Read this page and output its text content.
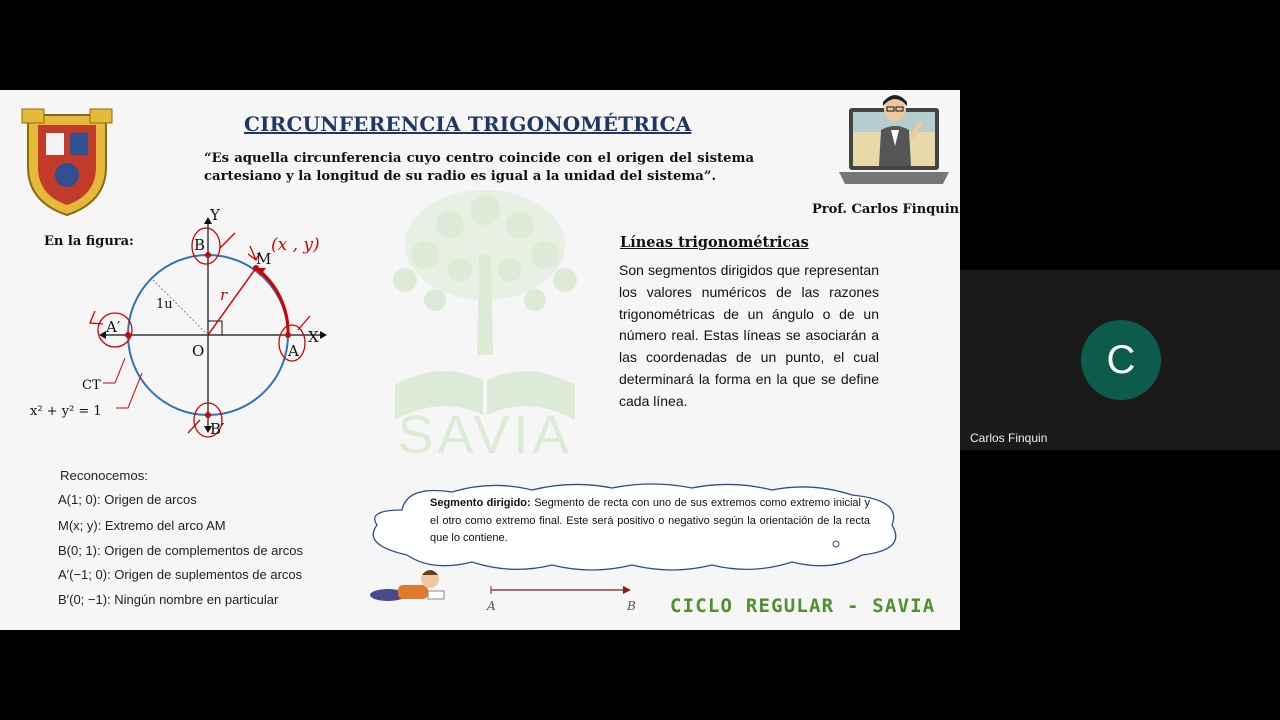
SAVIA
CIRCUNFERENCIA TRIGONOMÉTRICA
“Es aquella circunferencia cuyo centro coincide con el origen del sistema cartesiano y la longitud de su radio es igual a la unidad del sistema”.
Prof. Carlos Finquin
En la figura:
Y
X
O
B
M
A
A′
B′
r
1u
CT
x² + y² = 1
(x , y)	Líneas trigonométricas
Son segmentos dirigidos que representan los valores numéricos de las razones trigonométricas de un ángulo o de un número real. Estas líneas se asociarán a las coordenadas de un punto, el cual determinará la forma en la que se define cada línea.
Reconocemos:
A(1; 0): Origen de arcos
M(x; y): Extremo del arco AM
B(0; 1): Origen de complementos de arcos
A′(−1; 0): Origen de suplementos de arcos
B′(0; −1): Ningún nombre en particular
Segmento dirigido: Segmento de recta con uno de sus extremos como extremo inicial y el otro como extremo final. Este será positivo o negativo según la orientación de la recta que lo contiene.
A	B CICLO REGULAR - SAVIA
C
Carlos Finquin
